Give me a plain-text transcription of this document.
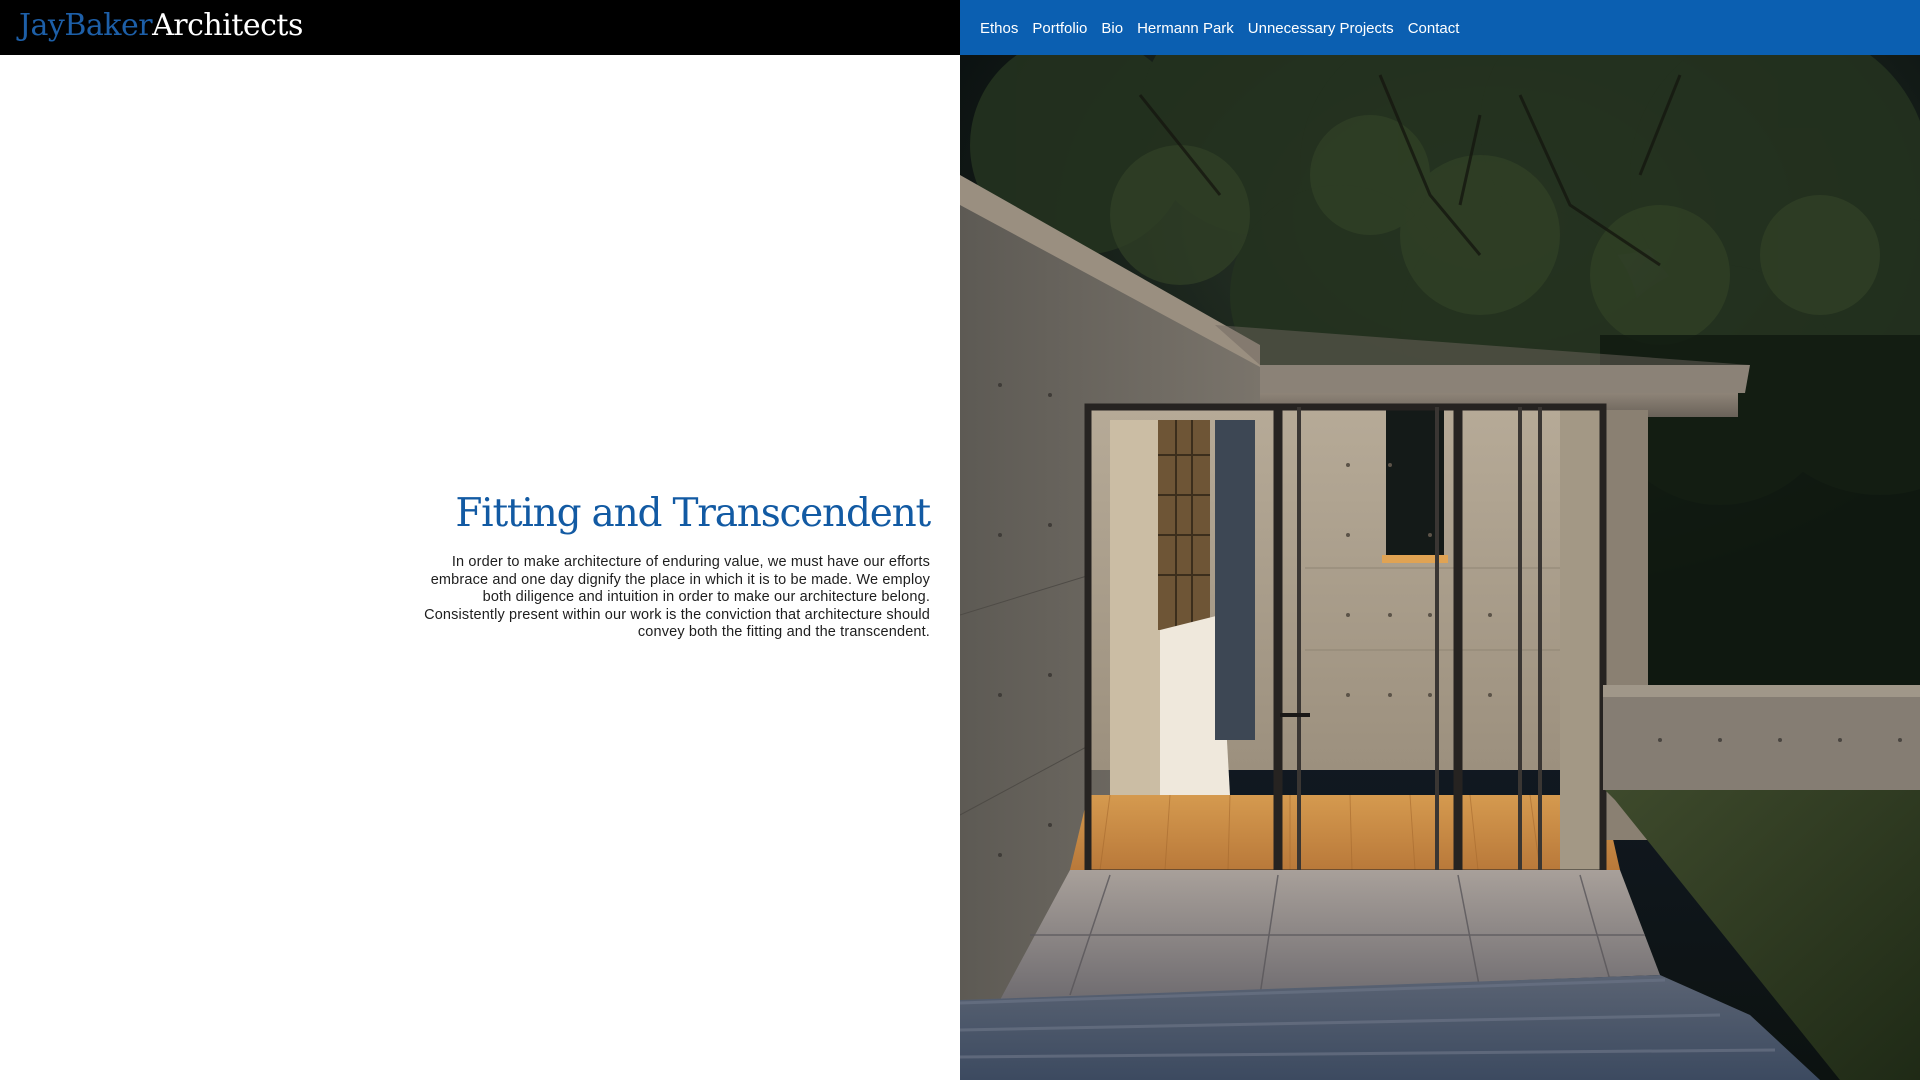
JayBakerArchitects
Fitting and Transcendent

In order to make architecture of enduring value, we must have our efforts embrace and one day dignify the place in which it is to be made. We employ both diligence and intuition in order to make our architecture belong. Consistently present within our work is the conviction that architecture should convey both the fitting and the transcendent.

Ethos Portfolio Bio Hermann Park Unnecessary Projects Contact
